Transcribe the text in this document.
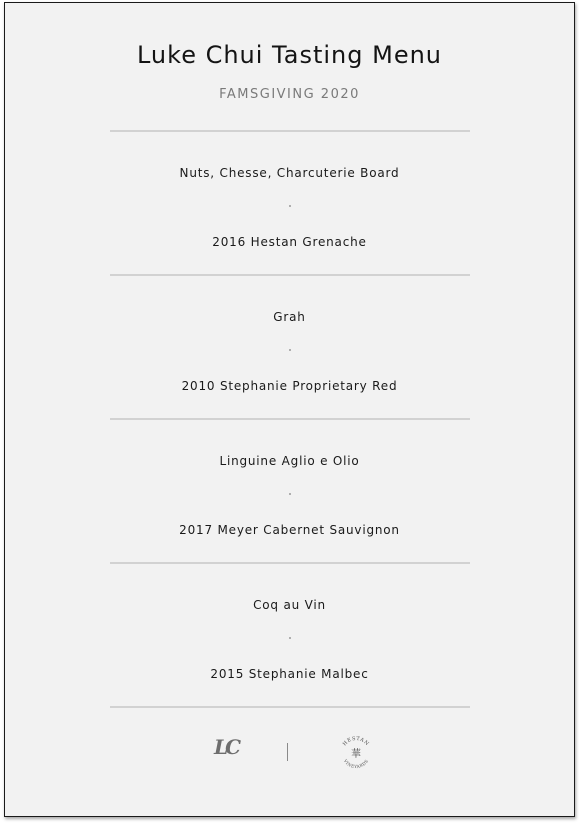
Luke Chui Tasting Menu
FAMSGIVING 2020
Nuts, Chesse, Charcuterie Board
2016 Hestan Grenache
Grah
2010 Stephanie Proprietary Red
Linguine Aglio e Olio
2017 Meyer Cabernet Sauvignon
Coq au Vin
2015 Stephanie Malbec
LC	HESTAN
VINEYARDS
華
